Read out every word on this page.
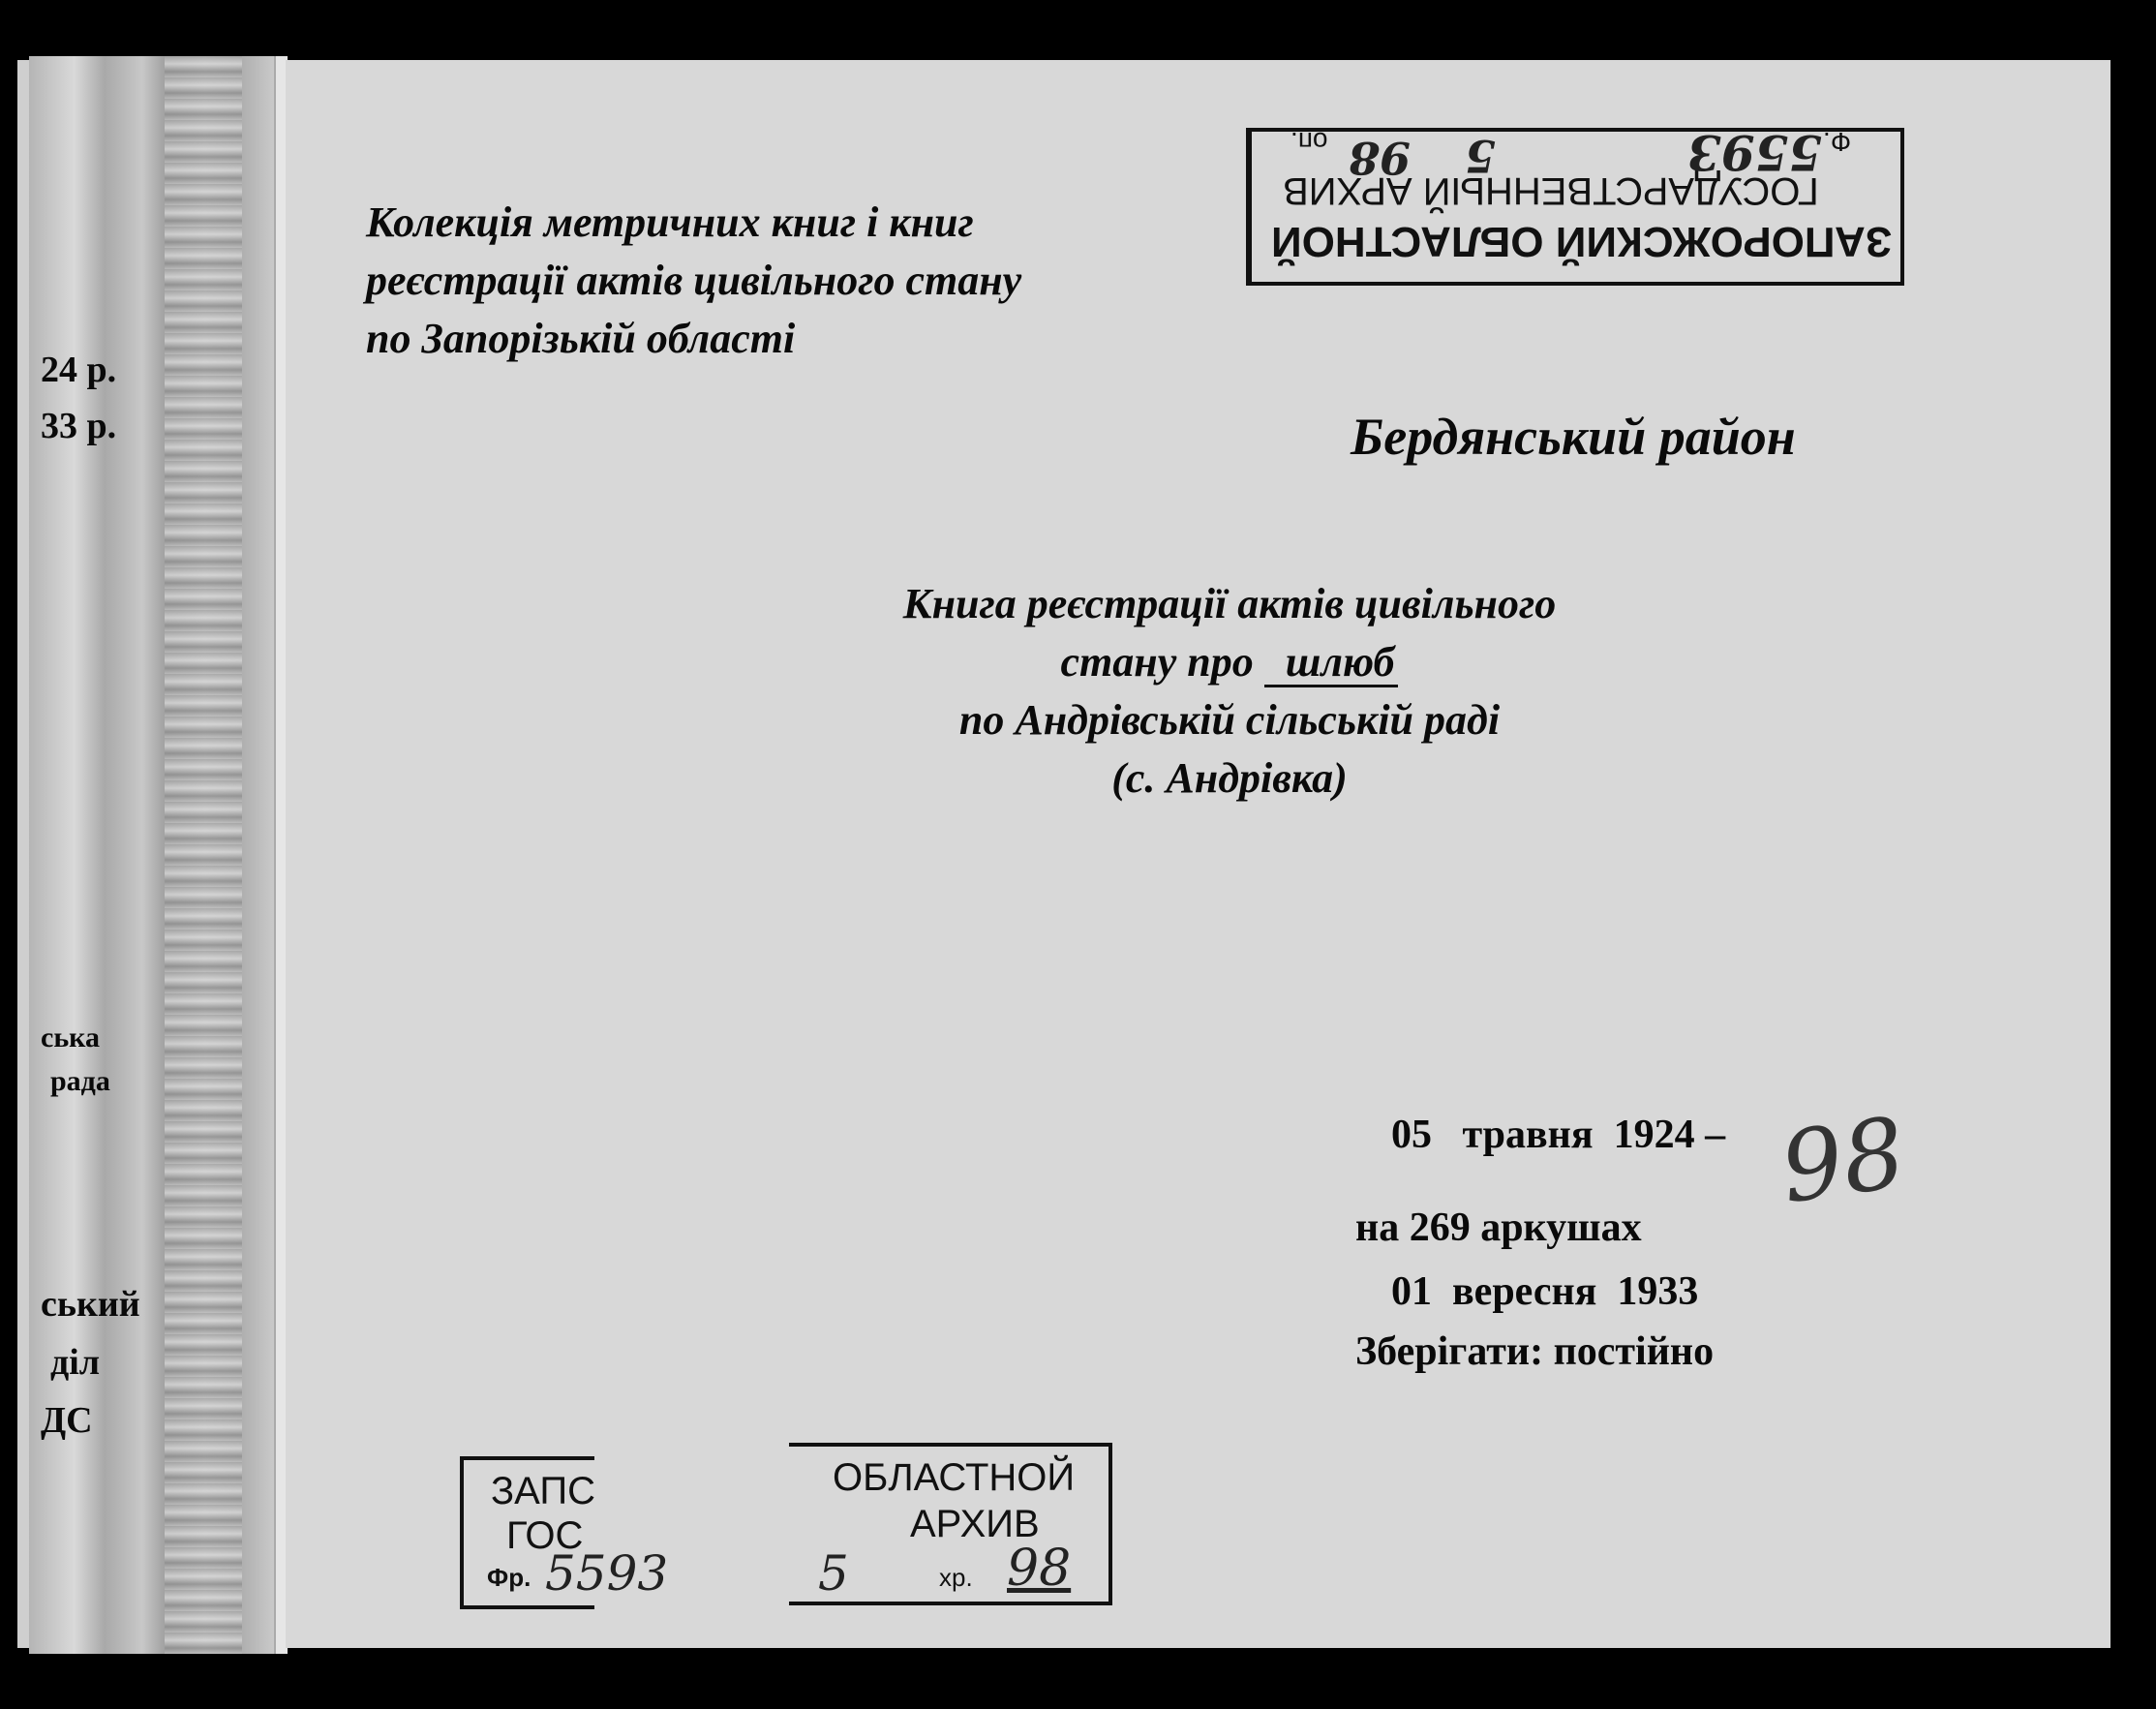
24 р.
33 р.
ська
рада
ський
діл
ДС
Колекція метричних книг і книг
реєстрації актів цивільного стану
по Запорізькій області
ЗАПОРОЖСКИЙ ОБЛАСТНОЙ
ГОСУДАРСТВЕННЫЙ АРХИВ
оп.	Ф.
5593
5
98
Бердянський район
Книга реєстрації актів цивільного
стану про шлюб
по Андрівській сільській раді
(с. Андрівка)

05   травня  1924 –

01  вересня  1933

98
на 269 аркушах
Зберігати: постійно
ЗАПС
ГОС
Фр. 5593
ОБЛАСТНОЙ
АРХИВ
5	хр. 98
